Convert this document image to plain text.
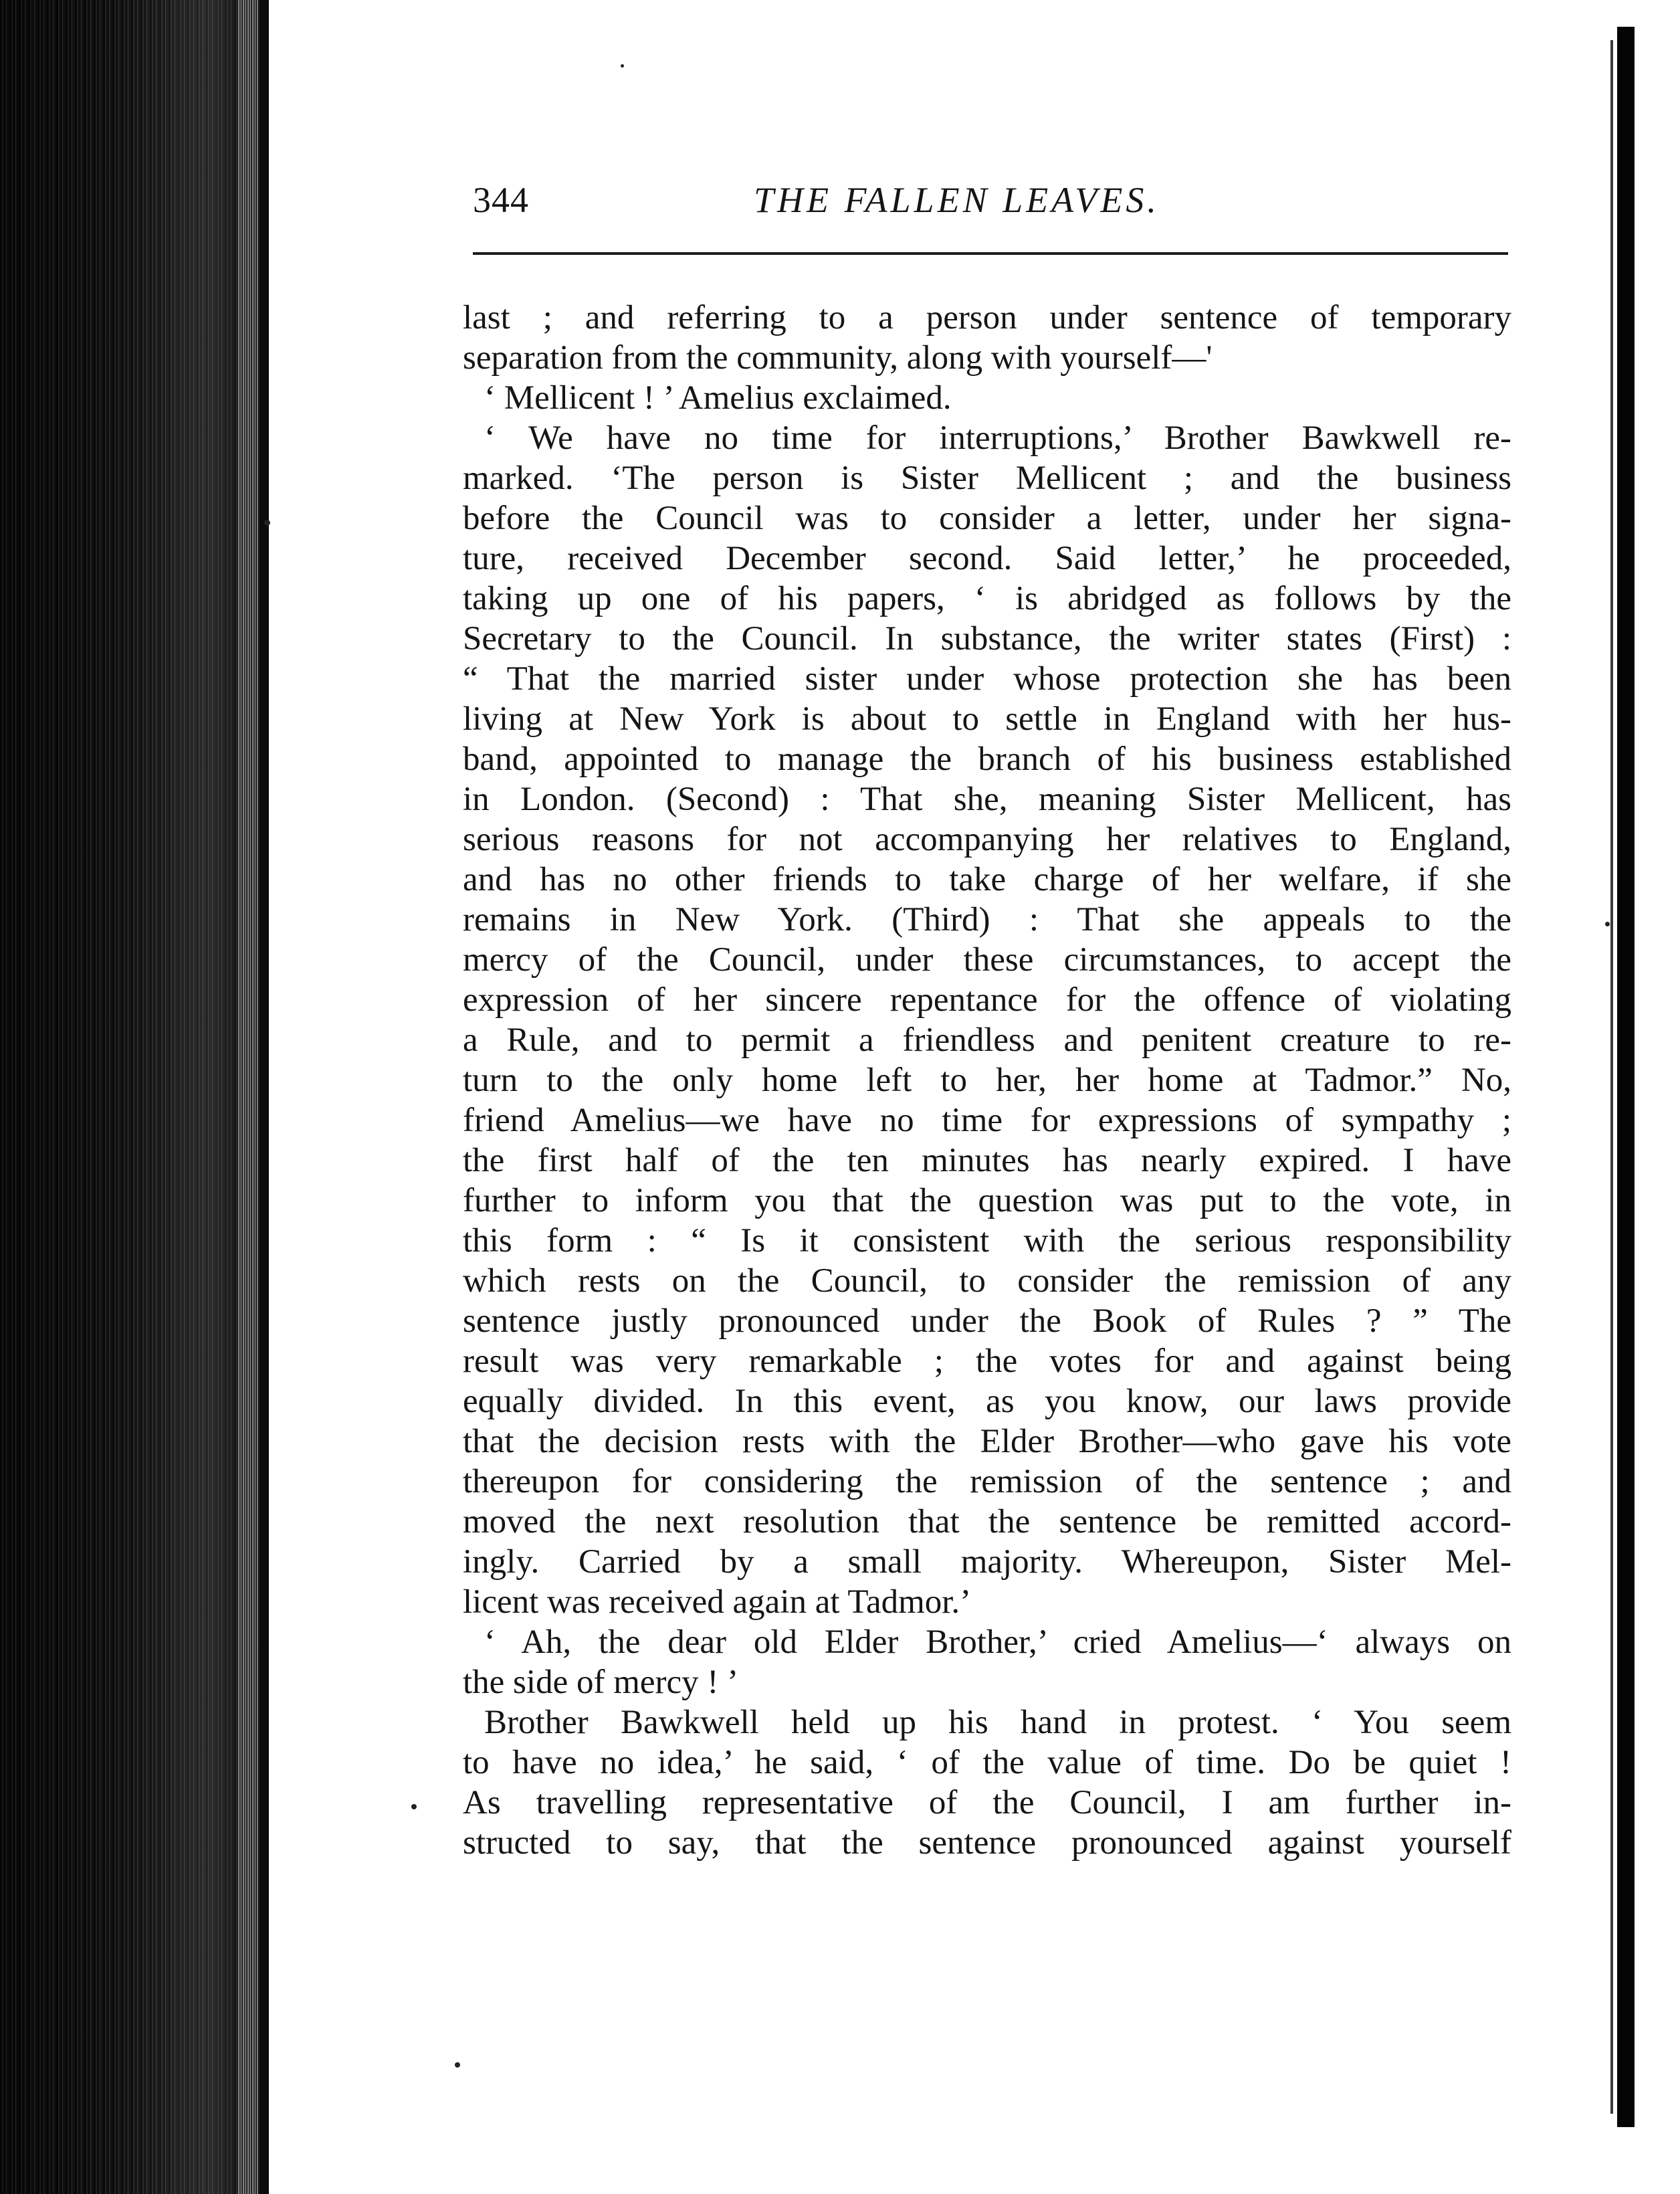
344	THE FALLEN LEAVES.
last ; and referring to a person under sentence of temporary
separation from the community, along with yourself—'
‘ Mellicent ! ’ Amelius exclaimed.
‘ We have no time for interruptions,’ Brother Bawkwell re-
marked. ‘The person is Sister Mellicent ; and the business
before the Council was to consider a letter, under her signa-
ture, received December second. Said letter,’ he proceeded,
taking up one of his papers, ‘ is abridged as follows by the
Secretary to the Council. In substance, the writer states (First) :
“ That the married sister under whose protection she has been
living at New York is about to settle in England with her hus-
band, appointed to manage the branch of his business established
in London. (Second) : That she, meaning Sister Mellicent, has
serious reasons for not accompanying her relatives to England,
and has no other friends to take charge of her welfare, if she
remains in New York. (Third) : That she appeals to the
mercy of the Council, under these circumstances, to accept the
expression of her sincere repentance for the offence of violating
a Rule, and to permit a friendless and penitent creature to re-
turn to the only home left to her, her home at Tadmor.” No,
friend Amelius—we have no time for expressions of sympathy ;
the first half of the ten minutes has nearly expired. I have
further to inform you that the question was put to the vote, in
this form : “ Is it consistent with the serious responsibility
which rests on the Council, to consider the remission of any
sentence justly pronounced under the Book of Rules ? ” The
result was very remarkable ; the votes for and against being
equally divided. In this event, as you know, our laws provide
that the decision rests with the Elder Brother—who gave his vote
thereupon for considering the remission of the sentence ; and
moved the next resolution that the sentence be remitted accord-
ingly. Carried by a small majority. Whereupon, Sister Mel-
licent was received again at Tadmor.’
‘ Ah, the dear old Elder Brother,’ cried Amelius—‘ always on
the side of mercy ! ’
Brother Bawkwell held up his hand in protest. ‘ You seem
to have no idea,’ he said, ‘ of the value of time. Do be quiet !
As travelling representative of the Council, I am further in-
structed to say, that the sentence pronounced against yourself
